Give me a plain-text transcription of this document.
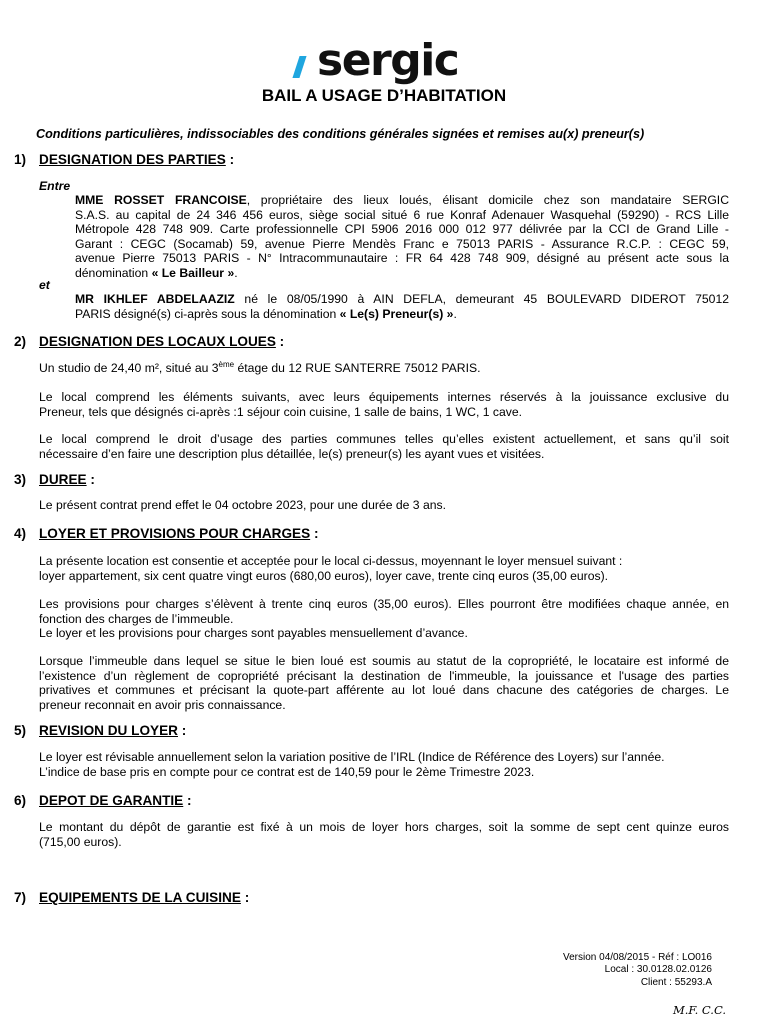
sergic
BAIL A USAGE D’HABITATION
Conditions particulières, indissociables des conditions générales signées et remises au(x) preneur(s)
1) DESIGNATION DES PARTIES :
Entre
MME ROSSET FRANCOISE, propriétaire des lieux loués, élisant domicile chez son mandataire SERGIC
S.A.S. au capital de 24 346 456 euros, siège social situé 6 rue Konraf Adenauer Wasquehal (59290) - RCS Lille
Métropole 428 748 909. Carte professionnelle CPI 5906 2016 000 012 977 délivrée par la CCI de Grand Lille -
Garant : CEGC (Socamab) 59, avenue Pierre Mendès Franc e 75013 PARIS - Assurance R.C.P. : CEGC 59,
avenue Pierre 75013 PARIS - N° Intracommunautaire : FR 64 428 748 909, désigné au présent acte sous la
dénomination « Le Bailleur ».
et
MR IKHLEF ABDELAAZIZ né le 08/05/1990 à AIN DEFLA, demeurant 45 BOULEVARD DIDEROT 75012
PARIS désigné(s) ci-après sous la dénomination « Le(s) Preneur(s) ».
2) DESIGNATION DES LOCAUX LOUES :
Un studio de 24,40 m², situé au 3ème étage du 12 RUE SANTERRE 75012 PARIS.
Le local comprend les éléments suivants, avec leurs équipements internes réservés à la jouissance exclusive du
Preneur, tels que désignés ci-après :1 séjour coin cuisine, 1 salle de bains, 1 WC, 1 cave.
Le local comprend le droit d’usage des parties communes telles qu’elles existent actuellement, et sans qu’il soit
nécessaire d’en faire une description plus détaillée, le(s) preneur(s) les ayant vues et visitées.
3) DUREE :
Le présent contrat prend effet le 04 octobre 2023, pour une durée de 3 ans.
4) LOYER ET PROVISIONS POUR CHARGES :
La présente location est consentie et acceptée pour le local ci-dessus, moyennant le loyer mensuel suivant :
loyer appartement, six cent quatre vingt euros (680,00 euros), loyer cave, trente cinq euros (35,00 euros).
Les provisions pour charges s’élèvent à trente cinq euros (35,00 euros). Elles pourront être modifiées chaque année, en
fonction des charges de l’immeuble.
Le loyer et les provisions pour charges sont payables mensuellement d’avance.
Lorsque l’immeuble dans lequel se situe le bien loué est soumis au statut de la copropriété, le locataire est informé de
l’existence d’un règlement de copropriété précisant la destination de l'immeuble, la jouissance et l'usage des parties
privatives et communes et précisant la quote-part afférente au lot loué dans chacune des catégories de charges. Le
preneur reconnait en avoir pris connaissance.
5) REVISION DU LOYER :
Le loyer est révisable annuellement selon la variation positive de l’IRL (Indice de Référence des Loyers) sur l’année.
L’indice de base pris en compte pour ce contrat est de 140,59 pour le 2ème Trimestre 2023.
6) DEPOT DE GARANTIE :
Le montant du dépôt de garantie est fixé à un mois de loyer hors charges, soit la somme de sept cent quinze euros
(715,00 euros).
7) EQUIPEMENTS DE LA CUISINE :
Version 04/08/2015 - Réf : LO016
Local : 30.0128.02.0126
Client : 55293.A
M.F. C.C.
